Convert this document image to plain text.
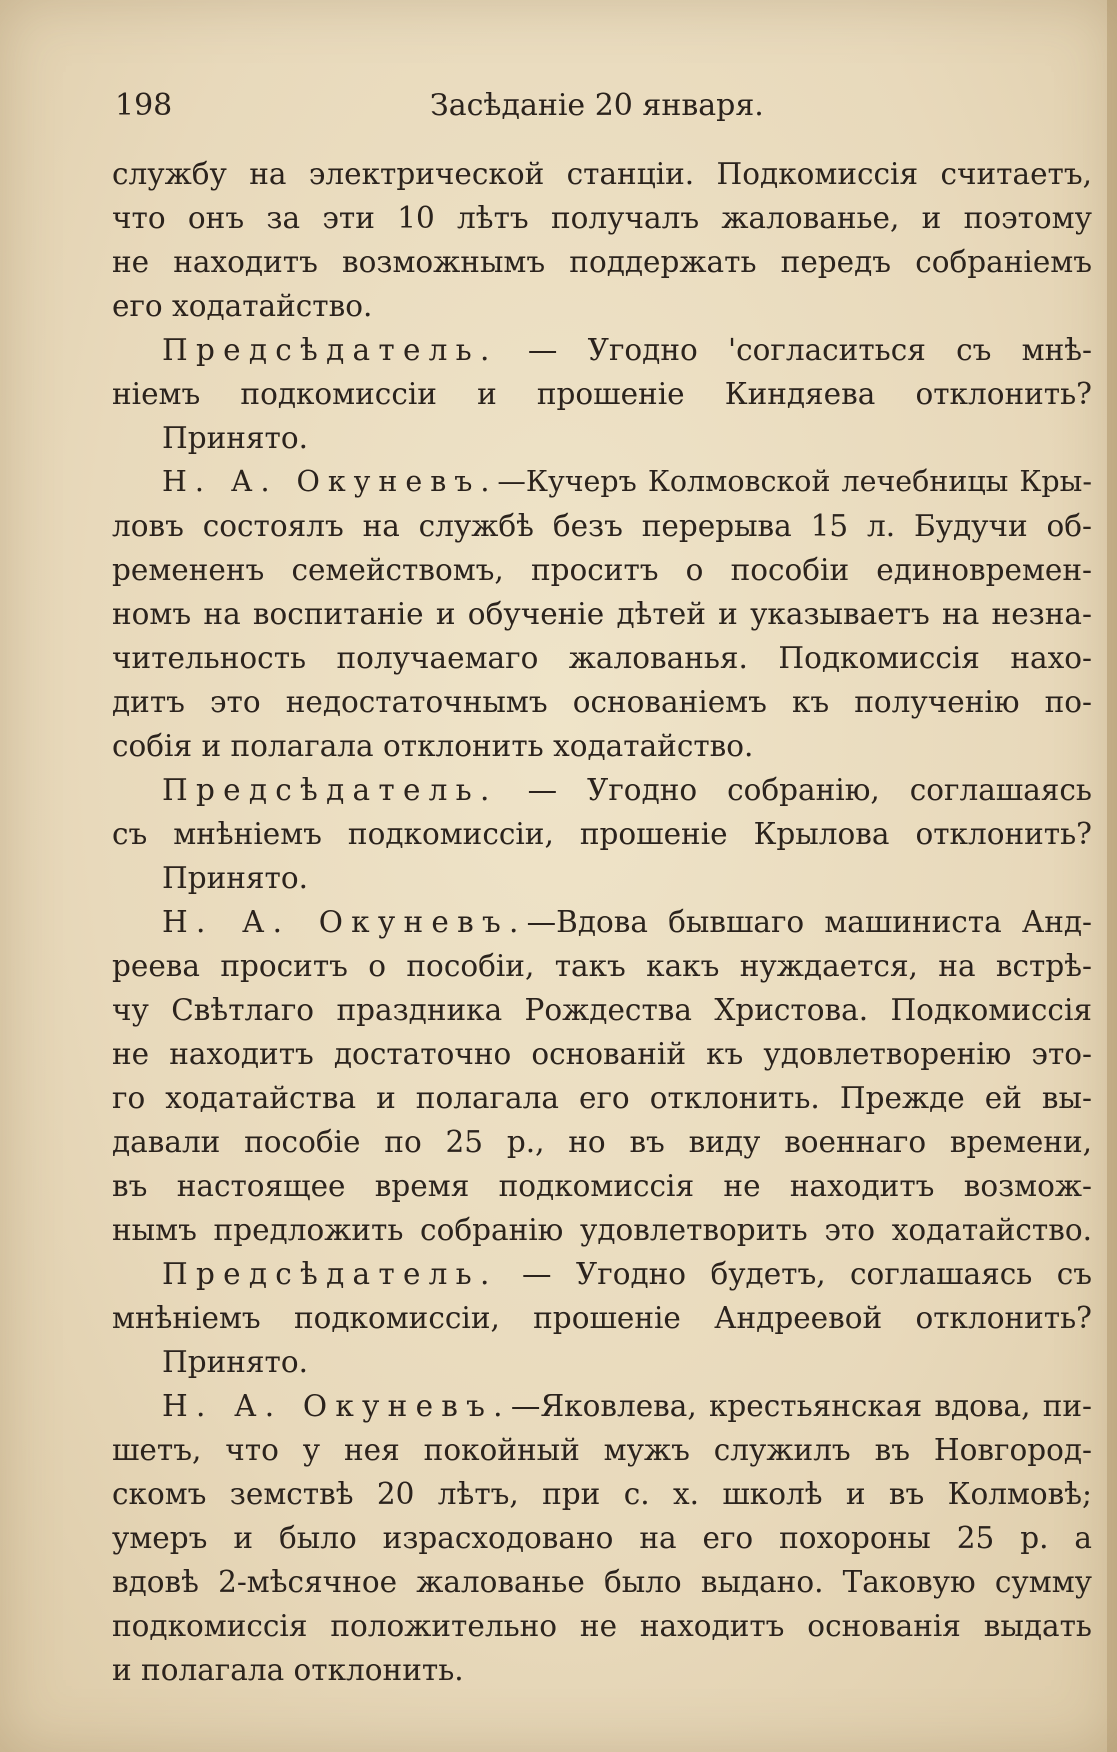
198	Засѣданіе 20 января.
службу на электрической станціи. Подкомиссія считаетъ,
что онъ за эти 10 лѣтъ получалъ жалованье, и поэтому
не находитъ возможнымъ поддержать передъ собраніемъ
его ходатайство.
Предсѣдатель. — Угодно 'согласиться съ мнѣ-
ніемъ подкомиссіи и прошеніе Киндяева отклонить?
Принято.
Н. А. Окуневъ.—Кучеръ Колмовской лечебницы Кры-
ловъ состоялъ на службѣ безъ перерыва 15 л. Будучи об-
ремененъ семействомъ, проситъ о пособіи единовремен-
номъ на воспитаніе и обученіе дѣтей и указываетъ на незна-
чительность получаемаго жалованья. Подкомиссія нахо-
дитъ это недостаточнымъ основаніемъ къ полученію по-
собія и полагала отклонить ходатайство.
Предсѣдатель. — Угодно собранію, соглашаясь
съ мнѣніемъ подкомиссіи, прошеніе Крылова отклонить?
Принято.
Н. А. Окуневъ.—Вдова бывшаго машиниста Анд-
реева проситъ о пособіи, такъ какъ нуждается, на встрѣ-
чу Свѣтлаго праздника Рождества Христова. Подкомиссія
не находитъ достаточно основаній къ удовлетворенію это-
го ходатайства и полагала его отклонить. Прежде ей вы-
давали пособіе по 25 р., но въ виду военнаго времени,
въ настоящее время подкомиссія не находитъ возмож-
нымъ предложить собранію удовлетворить это ходатайство.
Предсѣдатель. — Угодно будетъ, соглашаясь съ
мнѣніемъ подкомиссіи, прошеніе Андреевой отклонить?
Принято.
Н. А. Окуневъ.—Яковлева, крестьянская вдова, пи-
шетъ, что у нея покойный мужъ служилъ въ Новгород-
скомъ земствѣ 20 лѣтъ, при с. х. школѣ и въ Колмовѣ;
умеръ и было израсходовано на его похороны 25 р. а
вдовѣ 2-мѣсячное жалованье было выдано. Таковую сумму
подкомиссія положительно не находитъ основанія выдать
и полагала отклонить.
